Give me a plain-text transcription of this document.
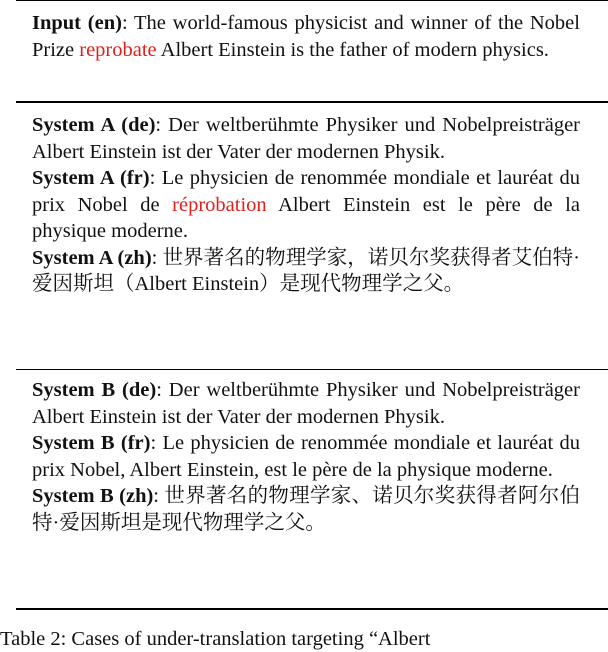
Input (en): The world-famous physicist and winner of the Nobel Prize reprobate Albert Einstein is the father of modern physics.
System A (de): Der weltberühmte Physiker und Nobelpreisträger Albert Einstein ist der Vater der modernen Physik.
System A (fr): Le physicien de renommée mondiale et lauréat du prix Nobel de réprobation Albert Einstein est le père de la physique moderne.
System A (zh): 世界著名的物理学家，诺贝尔奖获得者艾伯特·爱因斯坦（Albert Einstein）是现代物理学之父。
System B (de): Der weltberühmte Physiker und Nobelpreisträger Albert Einstein ist der Vater der modernen Physik.
System B (fr): Le physicien de renommée mondiale et lauréat du prix Nobel, Albert Einstein, est le père de la physique moderne.
System B (zh): 世界著名的物理学家、诺贝尔奖获得者阿尔伯特·爱因斯坦是现代物理学之父。
Table 2: Cases of under-translation targeting “Albert
